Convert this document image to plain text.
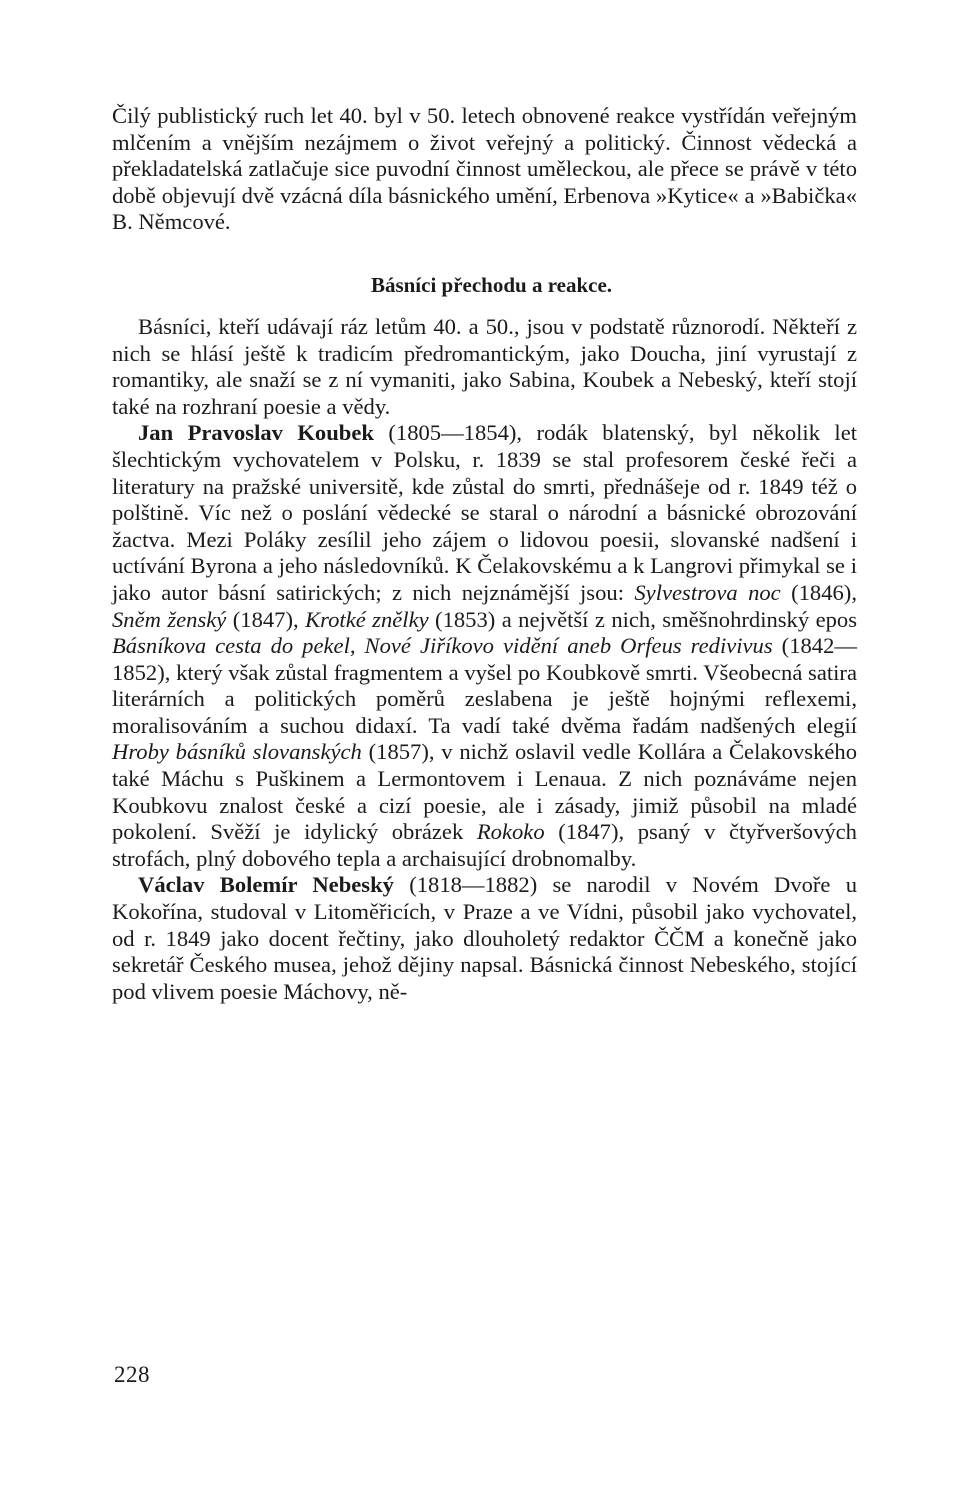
Čilý publistický ruch let 40. byl v 50. letech obnovené reakce vystřídán veřejným mlčením a vnějším nezájmem o život veřejný a politický. Činnost vědecká a překladatelská zatlačuje sice puvodní činnost uměleckou, ale přece se právě v této době objevují dvě vzácná díla básnického umění, Erbenova »Kytice« a »Babička« B. Němcové.

Básníci přechodu a reakce.

Básníci, kteří udávají ráz letům 40. a 50., jsou v podstatě různorodí. Někteří z nich se hlásí ještě k tradicím předromantickým, jako Doucha, jiní vyrustají z romantiky, ale snaží se z ní vymaniti, jako Sabina, Koubek a Nebeský, kteří stojí také na rozhraní poesie a vědy.

Jan Pravoslav Koubek (1805—1854), rodák blatenský, byl několik let šlechtickým vychovatelem v Polsku, r. 1839 se stal profesorem české řeči a literatury na pražské universitě, kde zůstal do smrti, přednášeje od r. 1849 též o polštině. Víc než o poslání vědecké se staral o národní a básnické obrozování žactva. Mezi Poláky zesílil jeho zájem o lidovou poesii, slovanské nadšení i uctívání Byrona a jeho následovníků. K Čelakovskému a k Langrovi přimykal se i jako autor básní satirických; z nich nejznámější jsou: Sylvestrova noc (1846), Sněm ženský (1847), Krotké znělky (1853) a největší z nich, směšnohrdinský epos Básníkova cesta do pekel, Nové Jiříkovo vidění aneb Orfeus redivivus (1842—1852), který však zůstal fragmentem a vyšel po Koubkově smrti. Všeobecná satira literárních a politických poměrů zeslabena je ještě hojnými reflexemi, moralisováním a suchou didaxí. Ta vadí také dvěma řadám nadšených elegií Hroby básníků slovanských (1857), v nichž oslavil vedle Kollára a Čelakovského také Máchu s Puškinem a Lermontovem i Lenaua. Z nich poznáváme nejen Koubkovu znalost české a cizí poesie, ale i zásady, jimiž působil na mladé pokolení. Svěží je idylický obrázek Rokoko (1847), psaný v čtyřveršových strofách, plný dobového tepla a archaisující drobnomalby.

Václav Bolemír Nebeský (1818—1882) se narodil v Novém Dvoře u Kokořína, studoval v Litoměřicích, v Praze a ve Vídni, působil jako vychovatel, od r. 1849 jako docent řečtiny, jako dlouholetý redaktor ČČM a konečně jako sekretář Českého musea, jehož dějiny napsal. Básnická činnost Nebeského, stojící pod vlivem poesie Máchovy, ně-

228
